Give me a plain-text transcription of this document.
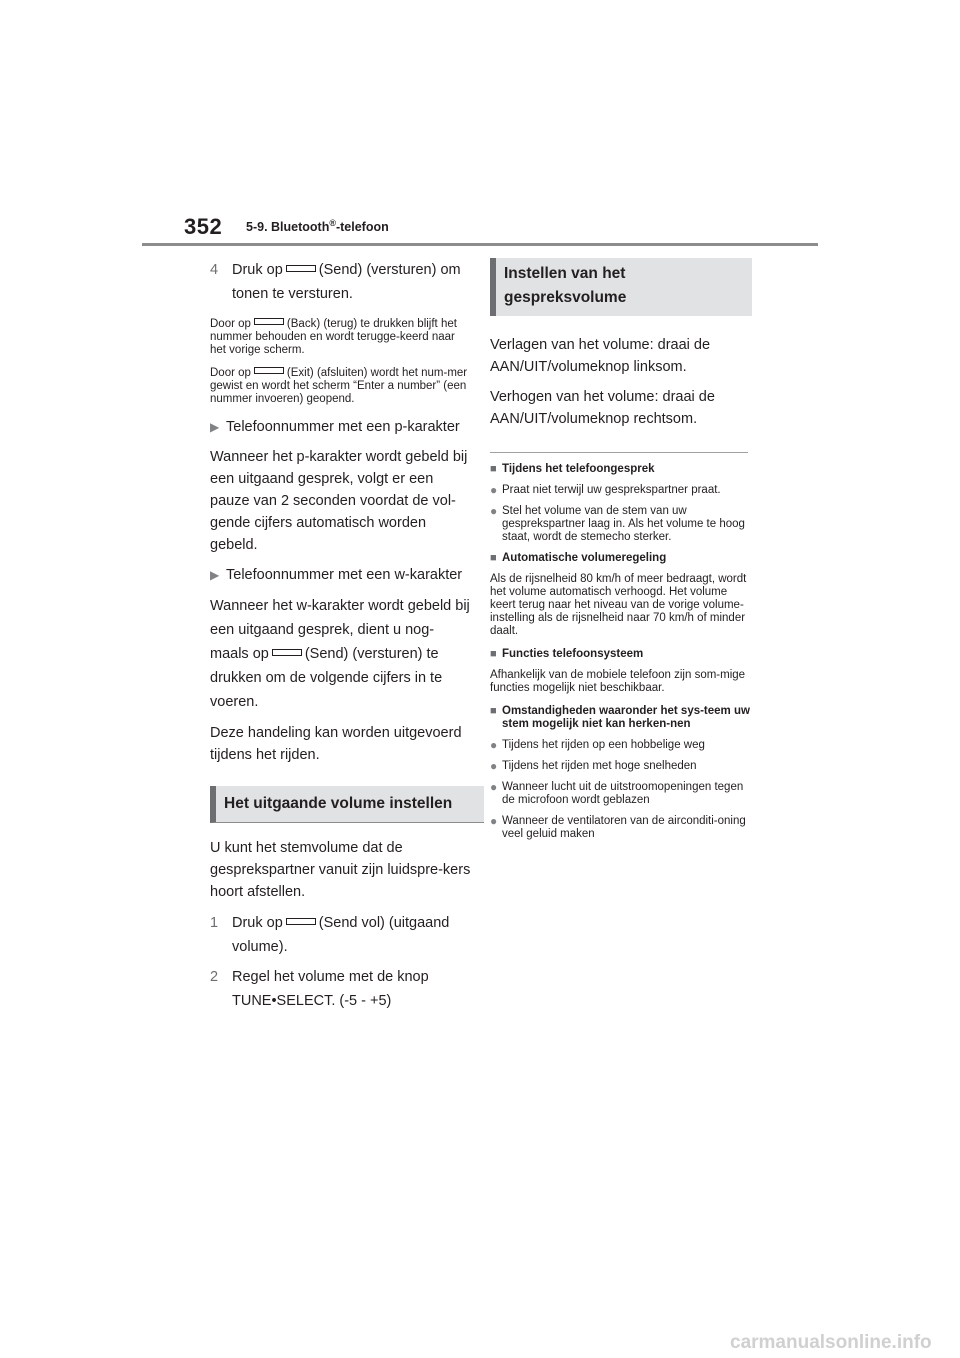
352 5-9. Bluetooth®-telefoon
4 Druk op (Send) (versturen) om tonen te versturen.
Door op	(Back) (terug) te drukken blijft het nummer behouden en wordt terugge-keerd naar het vorige scherm.
Door op	(Exit) (afsluiten) wordt het num-mer gewist en wordt het scherm “Enter a number” (een nummer invoeren) geopend.
▶ Telefoonnummer met een p-karakter
Wanneer het p-karakter wordt gebeld bij een uitgaand gesprek, volgt er een pauze van 2 seconden voordat de vol-gende cijfers automatisch worden gebeld.
▶ Telefoonnummer met een w-karakter
Wanneer het w-karakter wordt gebeld bij een uitgaand gesprek, dient u nog-maals op (Send) (versturen) te drukken om de volgende cijfers in te voeren.
Deze handeling kan worden uitgevoerd tijdens het rijden.
Het uitgaande volume instellen
U kunt het stemvolume dat de gesprekspartner vanuit zijn luidspre-kers hoort afstellen.
1 Druk op (Send vol) (uitgaand volume).
2 Regel het volume met de knop TUNE•SELECT. (-5 - +5)
Instellen van het gespreksvolume
Verlagen van het volume: draai de AAN/UIT/volumeknop linksom.
Verhogen van het volume: draai de AAN/UIT/volumeknop rechtsom.
■ Tijdens het telefoongesprek
● Praat niet terwijl uw gesprekspartner praat.
● Stel het volume van de stem van uw gesprekspartner laag in. Als het volume te hoog staat, wordt de stemecho sterker.
■ Automatische volumeregeling
Als de rijsnelheid 80 km/h of meer bedraagt, wordt het volume automatisch verhoogd. Het volume keert terug naar het niveau van de vorige volume-instelling als de rijsnelheid naar 70 km/h of minder daalt.
■ Functies telefoonsysteem
Afhankelijk van de mobiele telefoon zijn som-mige functies mogelijk niet beschikbaar.
■ Omstandigheden waaronder het sys-teem uw stem mogelijk niet kan herken-nen
● Tijdens het rijden op een hobbelige weg
● Tijdens het rijden met hoge snelheden
● Wanneer lucht uit de uitstroomopeningen tegen de microfoon wordt geblazen
● Wanneer de ventilatoren van de airconditi-oning veel geluid maken
carmanualsonline.info
